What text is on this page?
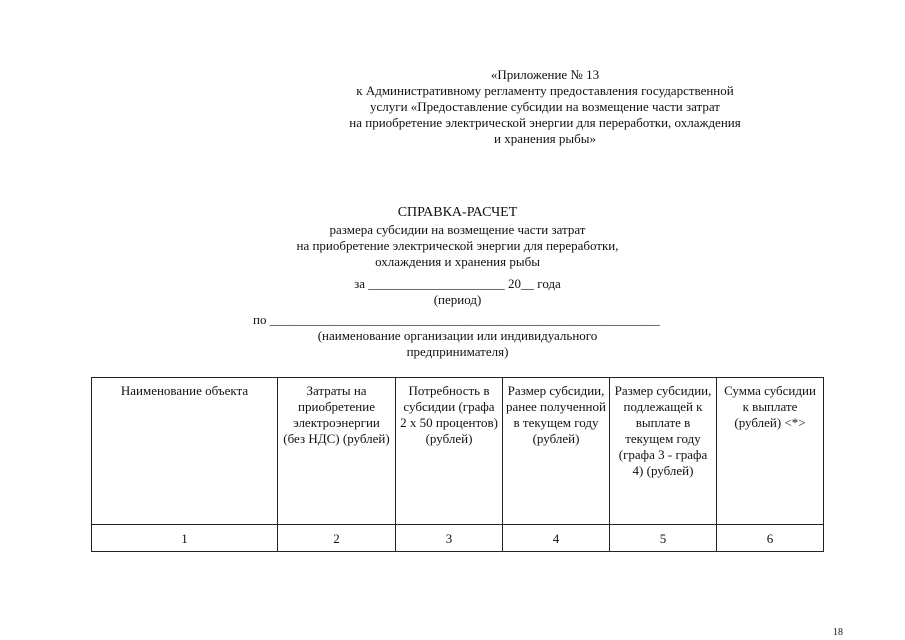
«Приложение № 13
к Административному регламенту предоставления государственной
услуги «Предоставление субсидии на возмещение части затрат
на приобретение электрической энергии для переработки, охлаждения
и хранения рыбы»
СПРАВКА-РАСЧЕТ
размера субсидии на возмещение части затрат
на приобретение электрической энергии для переработки,
охлаждения и хранения рыбы
за _____________________ 20__ года
(период)
по ____________________________________________________________
(наименование организации или индивидуального
предпринимателя)
Наименование объекта	Затраты на приобретение электроэнергии (без НДС) (рублей)	Потребность в субсидии (графа 2 x 50 процентов) (рублей)	Размер субсидии, ранее полученной в текущем году (рублей)	Размер субсидии, подлежащей к выплате в текущем году (графа 3 - графа 4) (рублей)	Сумма субсидии к выплате (рублей) <*>
1	2	3	4	5	6
18
